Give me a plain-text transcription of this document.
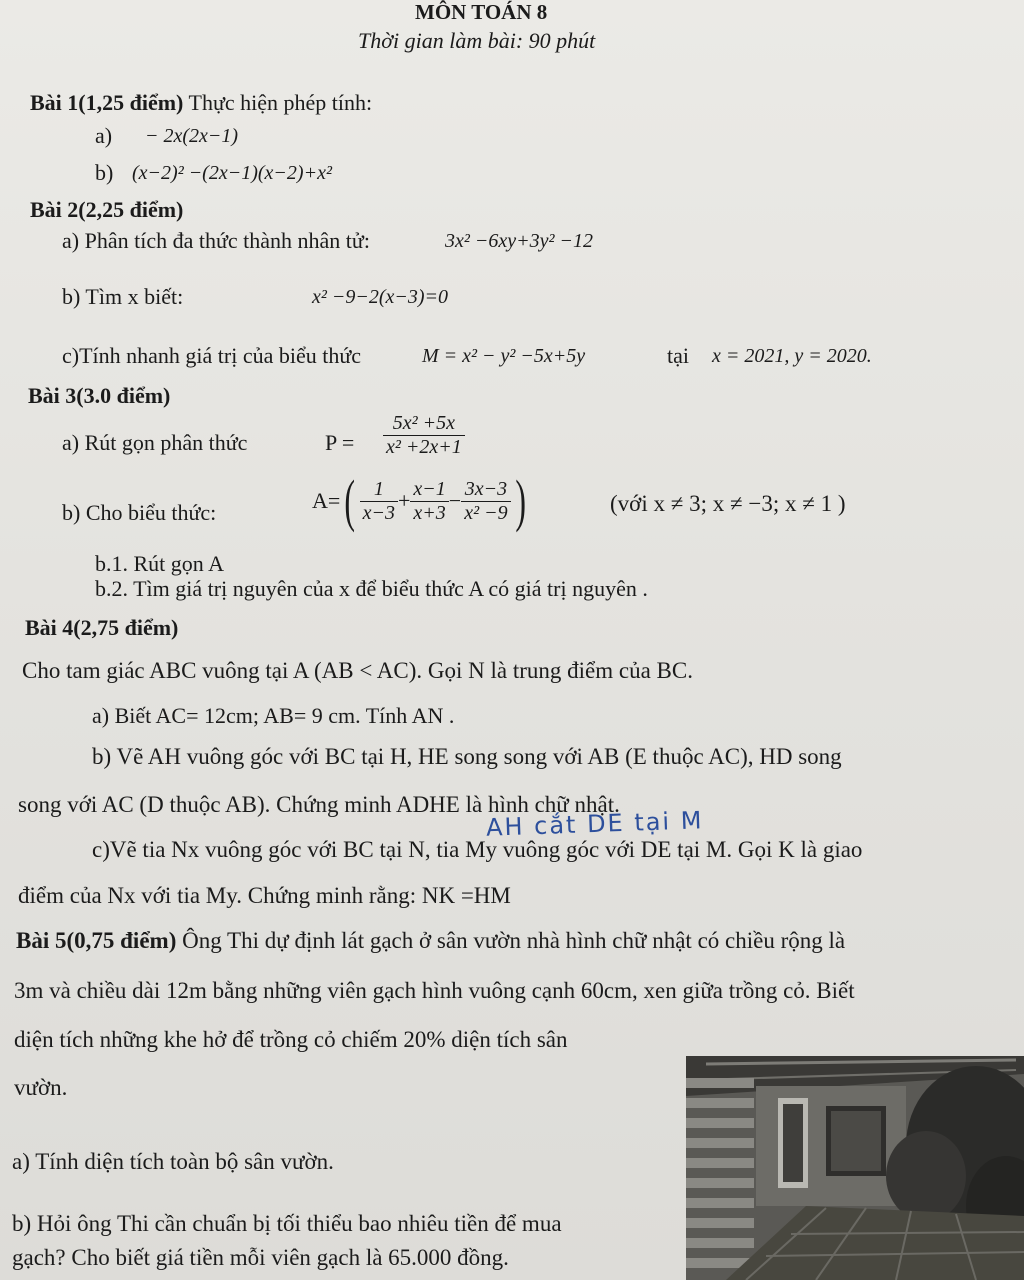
MÔN TOÁN 8
Thời gian làm bài: 90 phút
Bài 1(1,25 điểm) Thực hiện phép tính:
a) − 2x(2x−1)
b) (x−2)² −(2x−1)(x−2)+x²
Bài 2(2,25 điểm)
a) Phân tích đa thức thành nhân tử:	3x² −6xy+3y² −12
b) Tìm x biết:	x² −9−2(x−3)=0
c)Tính nhanh giá trị của biểu thức	M = x² − y² −5x+5y	tại x = 2021, y = 2020.
Bài 3(3.0 điểm)
a) Rút gọn phân thức	$P = \frac{\text{5x² +5x}}{\text{x² +2x+1}}$
b) Cho biểu thức:	$A=( \frac{1}{x-3} + \frac{x-1}{x+3} - \frac{3x-3}{\text{x² −9}}$ )	(với x ≠ 3; x ≠ −3; x ≠ 1 )
b.1. Rút gọn A
b.2. Tìm giá trị nguyên của x để biểu thức A có giá trị nguyên .
Bài 4(2,75 điểm)
Cho tam giác ABC vuông tại A (AB < AC). Gọi N là trung điểm của BC.
a) Biết AC= 12cm; AB= 9 cm. Tính AN .
b) Vẽ AH vuông góc với BC tại H, HE song song với AB (E thuộc AC), HD song
song với AC (D thuộc AB). Chứng minh ADHE là hình chữ nhật.
AH cắt DE tại M
c)Vẽ tia Nx vuông góc với BC tại N, tia My vuông góc với DE tại M. Gọi K là giao
điểm của Nx với tia My. Chứng minh rằng: NK =HM
Bài 5(0,75 điểm) Ông Thi dự định lát gạch ở sân vườn nhà hình chữ nhật có chiều rộng là
3m và chiều dài 12m bằng những viên gạch hình vuông cạnh 60cm, xen giữa trồng cỏ. Biết
diện tích những khe hở để trồng cỏ chiếm 20% diện tích sân
vườn.
a) Tính diện tích toàn bộ sân vườn.
b) Hỏi ông Thi cần chuẩn bị tối thiểu bao nhiêu tiền để mua
gạch? Cho biết giá tiền mỗi viên gạch là 65.000 đồng.
